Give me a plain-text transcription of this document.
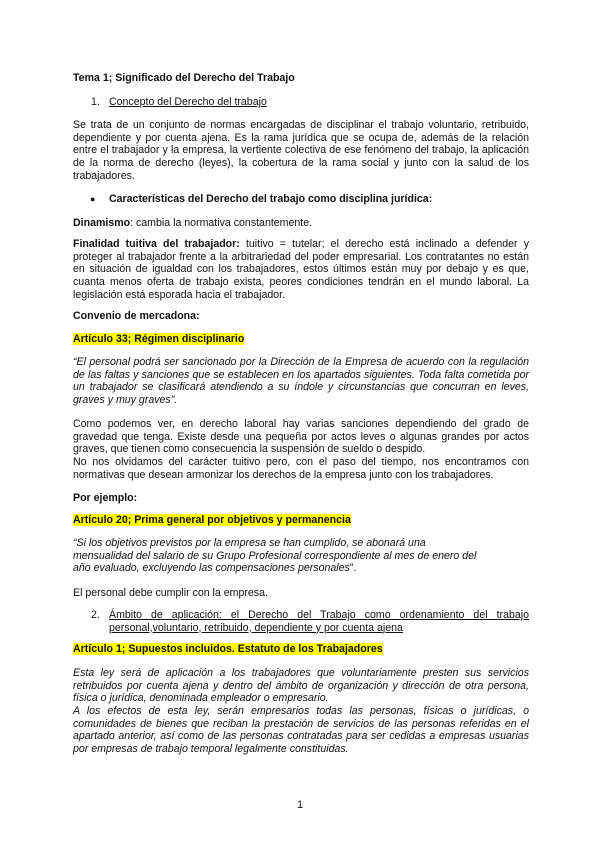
Tema 1; Significado del Derecho del Trabajo

1. Concepto del Derecho del trabajo

Se trata de un conjunto de normas encargadas de disciplinar el trabajo voluntario, retribuido, dependiente y por cuenta ajena. Es la rama jurídica que se ocupa de, además de la relación entre el trabajador y la empresa, la vertiente colectiva de ese fenómeno del trabajo, la aplicación de la norma de derecho (leyes), la cobertura de la rama social y junto con la salud de los trabajadores.

● Características del Derecho del trabajo como disciplina jurídica:

Dinamismo: cambia la normativa constantemente.

Finalidad tuitiva del trabajador: tuitivo = tutelar; el derecho está inclinado a defender y proteger al trabajador frente a la arbitrariedad del poder empresarial. Los contratantes no están en situación de igualdad con los trabajadores, estos últimos están muy por debajo y es que, cuanta menos oferta de trabajo exista, peores condiciones tendrán en el mundo laboral. La legislación está esporada hacia el trabajador.

Convenio de mercadona:

Artículo 33; Régimen disciplinario

“El personal podrá ser sancionado por la Dirección de la Empresa de acuerdo con la regulación de las faltas y sanciones que se establecen en los apartados siguientes. Toda falta cometida por un trabajador se clasificará atendiendo a su índole y circunstancias que concurran en leves, graves y muy graves”.

Como podemos ver, en derecho laboral hay varias sanciones dependiendo del grado de gravedad que tenga. Existe desde una pequeña por actos leves o algunas grandes por actos graves, que tienen como consecuencia la suspensión de sueldo o despido.

No nos olvidamos del carácter tuitivo pero, con el paso del tiempo, nos encontramos con normativas que desean armonizar los derechos de la empresa junto con los trabajadores.

Por ejemplo:

Artículo 20; Prima general por objetivos y permanencia

“Si los objetivos previstos por la empresa se han cumplido, se abonará una
mensualidad del salario de su Grupo Profesional correspondiente al mes de enero del
año evaluado, excluyendo las compensaciones personales”.

El personal debe cumplir con la empresa.

2. Ámbito de aplicación: el Derecho del Trabajo como ordenamiento del trabajo personal,voluntario, retribuido, dependiente y por cuenta ajena

Artículo 1; Supuestos incluidos. Estatuto de los Trabajadores

Esta ley será de aplicación a los trabajadores que voluntariamente presten sus servicios retribuidos por cuenta ajena y dentro del ámbito de organización y dirección de otra persona, física o jurídica, denominada empleador o empresario.

A los efectos de esta ley, serán empresarios todas las personas, físicas o jurídicas, o comunidades de bienes que reciban la prestación de servicios de las personas referidas en el apartado anterior, así como de las personas contratadas para ser cedidas a empresas usuarias por empresas de trabajo temporal legalmente constituidas.

1
